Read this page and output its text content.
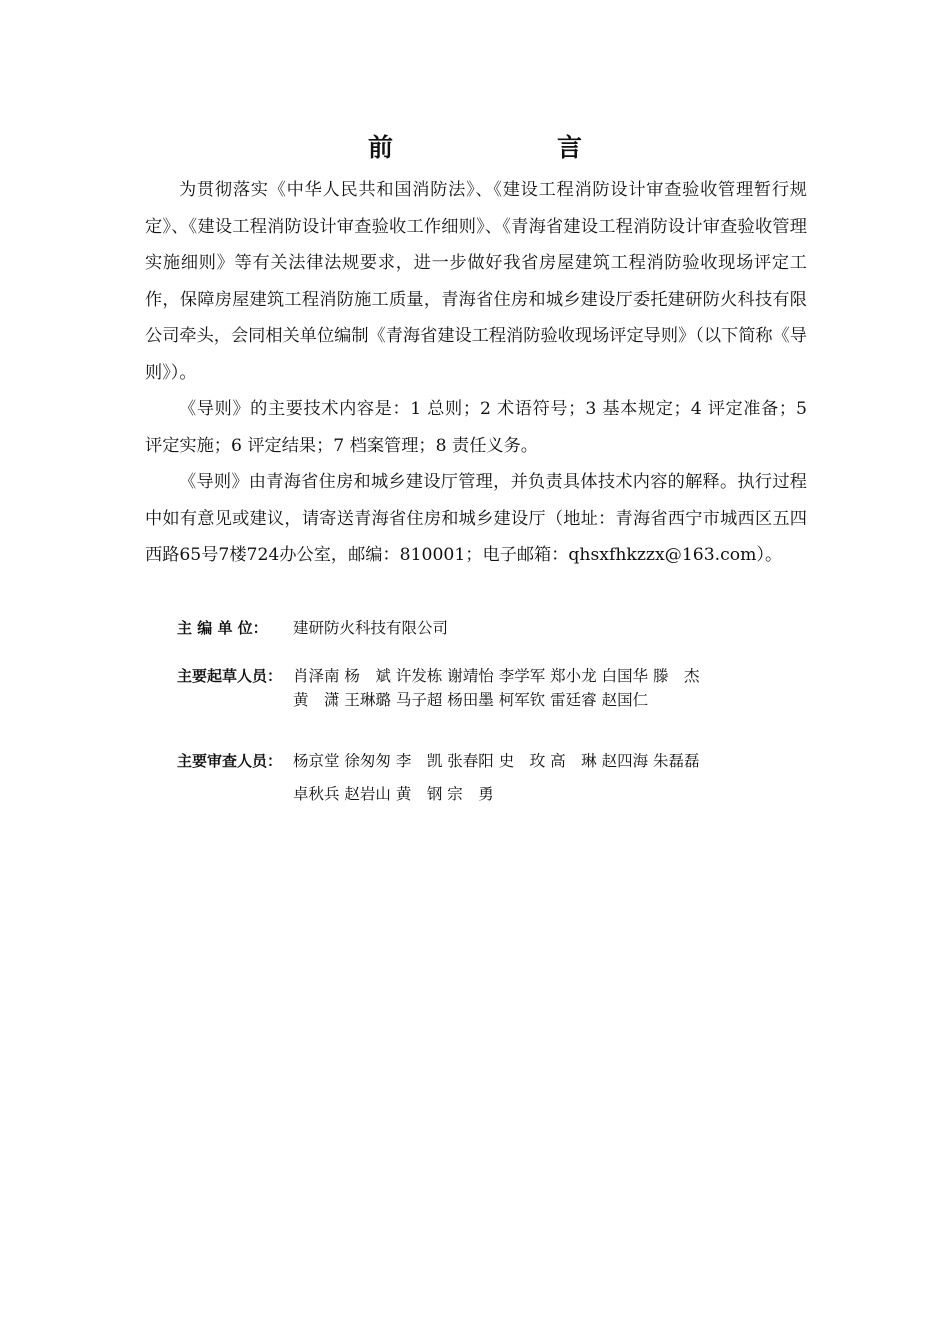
前　　言

为贯彻落实《中华人民共和国消防法》、《建设工程消防设计审查验收管理暂行规定》、《建设工程消防设计审查验收工作细则》、《青海省建设工程消防设计审查验收管理实施细则》等有关法律法规要求，进一步做好我省房屋建筑工程消防验收现场评定工作，保障房屋建筑工程消防施工质量，青海省住房和城乡建设厅委托建研防火科技有限公司牵头，会同相关单位编制《青海省建设工程消防验收现场评定导则》（以下简称《导则》）。

《导则》的主要技术内容是：1 总则；2 术语符号；3 基本规定；4 评定准备；5 评定实施；6 评定结果；7 档案管理；8 责任义务。

《导则》由青海省住房和城乡建设厅管理，并负责具体技术内容的解释。执行过程中如有意见或建议，请寄送青海省住房和城乡建设厅（地址：青海省西宁市城西区五四西路65号7楼724办公室，邮编：810001；电子邮箱：qhsxfhkzzx@163.com）。

主 编 单 位：	建研防火科技有限公司
主要起草人员： 肖泽南 杨　斌 许发栋 谢靖怡 李学军 郑小龙 白国华 滕　杰
黄　潇 王琳璐 马子超 杨田墨 柯军钦 雷廷睿 赵国仁
主要审查人员： 杨京堂 徐匆匆 李　凯 张春阳 史　玫 高　琳 赵四海 朱磊磊
卓秋兵 赵岩山 黄　钢 宗　勇
